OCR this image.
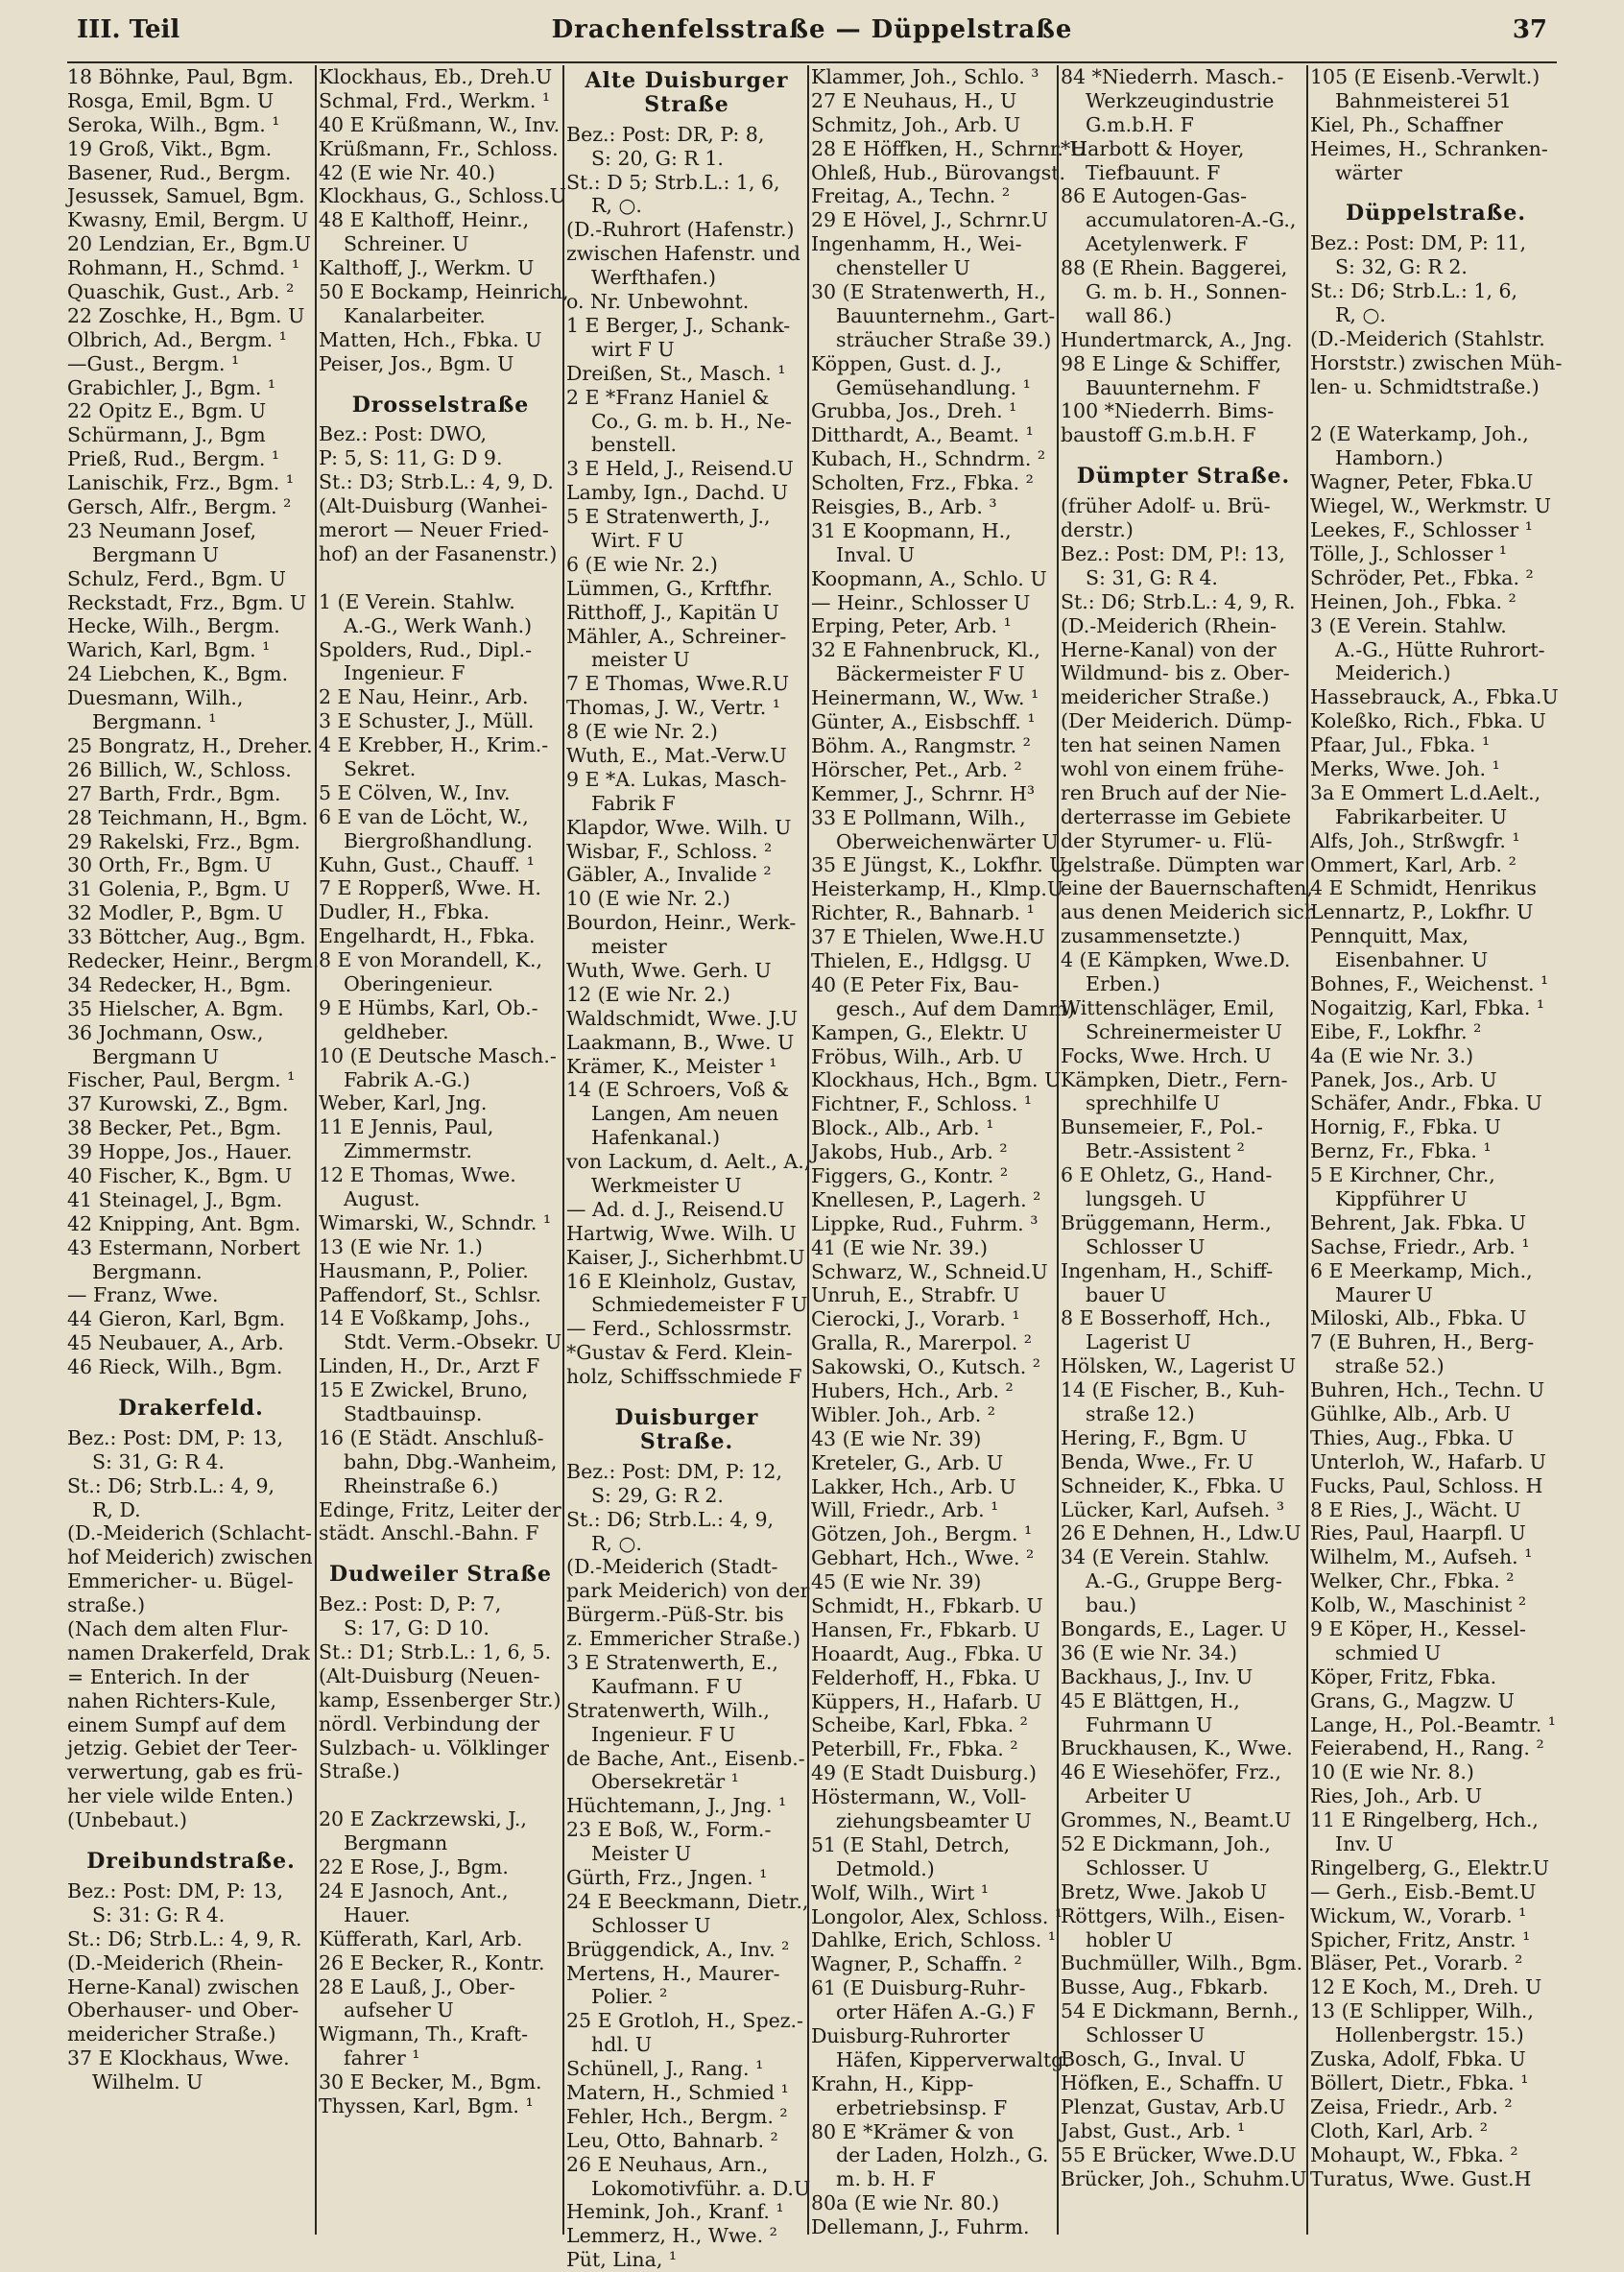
III. Teil	Drachenfelsstraße — Düppelstraße	37
18 Böhnke, Paul, Bgm.
Rosga, Emil, Bgm. U
Seroka, Wilh., Bgm. ¹
19 Groß, Vikt., Bgm.
Basener, Rud., Bergm.
Jesussek, Samuel, Bgm.
Kwasny, Emil, Bergm. U
20 Lendzian, Er., Bgm.U
Rohmann, H., Schmd. ¹
Quaschik, Gust., Arb. ²
22 Zoschke, H., Bgm. U
Olbrich, Ad., Bergm. ¹
—Gust., Bergm. ¹
Grabichler, J., Bgm. ¹
22 Opitz E., Bgm. U
Schürmann, J., Bgm
Prieß, Rud., Bergm. ¹
Lanischik, Frz., Bgm. ¹
Gersch, Alfr., Bergm. ²
23 Neumann Josef,
Bergmann U
Schulz, Ferd., Bgm. U
Reckstadt, Frz., Bgm. U
Hecke, Wilh., Bergm.
Warich, Karl, Bgm. ¹
24 Liebchen, K., Bgm.
Duesmann, Wilh.,
Bergmann. ¹
25 Bongratz, H., Dreher.
26 Billich, W., Schloss.
27 Barth, Frdr., Bgm.
28 Teichmann, H., Bgm.
29 Rakelski, Frz., Bgm.
30 Orth, Fr., Bgm. U
31 Golenia, P., Bgm. U
32 Modler, P., Bgm. U
33 Böttcher, Aug., Bgm.
Redecker, Heinr., Bergm.
34 Redecker, H., Bgm.
35 Hielscher, A. Bgm.
36 Jochmann, Osw.,
Bergmann U
Fischer, Paul, Bergm. ¹
37 Kurowski, Z., Bgm.
38 Becker, Pet., Bgm.
39 Hoppe, Jos., Hauer.
40 Fischer, K., Bgm. U
41 Steinagel, J., Bgm.
42 Knipping, Ant. Bgm.
43 Estermann, Norbert
Bergmann.
— Franz, Wwe.
44 Gieron, Karl, Bgm.
45 Neubauer, A., Arb.
46 Rieck, Wilh., Bgm.
Drakerfeld.
Bez.: Post: DM, P: 13,
S: 31, G: R 4.
St.: D6; Strb.L.: 4, 9,
R, D.
(D.-Meiderich (Schlacht-
hof Meiderich) zwischen
Emmericher- u. Bügel-
straße.)
(Nach dem alten Flur-
namen Drakerfeld, Drak
= Enterich. In der
nahen Richters-Kule,
einem Sumpf auf dem
jetzig. Gebiet der Teer-
verwertung, gab es frü-
her viele wilde Enten.)
(Unbebaut.)
Dreibundstraße.
Bez.: Post: DM, P: 13,
S: 31: G: R 4.
St.: D6; Strb.L.: 4, 9, R.
(D.-Meiderich (Rhein-
Herne-Kanal) zwischen
Oberhauser- und Ober-
meidericher Straße.)
37 E Klockhaus, Wwe.
Wilhelm. U
Klockhaus, Eb., Dreh.U
Schmal, Frd., Werkm. ¹
40 E Krüßmann, W., Inv.
Krüßmann, Fr., Schloss.
42 (E wie Nr. 40.)
Klockhaus, G., Schloss.U
48 E Kalthoff, Heinr.,
Schreiner. U
Kalthoff, J., Werkm. U
50 E Bockamp, Heinrich,
Kanalarbeiter.
Matten, Hch., Fbka. U
Peiser, Jos., Bgm. U
Drosselstraße
Bez.: Post: DWO,
P: 5, S: 11, G: D 9.
St.: D3; Strb.L.: 4, 9, D.
(Alt-Duisburg (Wanhei-
merort — Neuer Fried-
hof) an der Fasanenstr.)
1 (E Verein. Stahlw.
A.-G., Werk Wanh.)
Spolders, Rud., Dipl.-
Ingenieur. F
2 E Nau, Heinr., Arb.
3 E Schuster, J., Müll.
4 E Krebber, H., Krim.-
Sekret.
5 E Cölven, W., Inv.
6 E van de Löcht, W.,
Biergroßhandlung.
Kuhn, Gust., Chauff. ¹
7 E Ropperß, Wwe. H.
Dudler, H., Fbka.
Engelhardt, H., Fbka.
8 E von Morandell, K.,
Oberingenieur.
9 E Hümbs, Karl, Ob.-
geldheber.
10 (E Deutsche Masch.-
Fabrik A.-G.)
Weber, Karl, Jng.
11 E Jennis, Paul,
Zimmermstr.
12 E Thomas, Wwe.
August.
Wimarski, W., Schndr. ¹
13 (E wie Nr. 1.)
Hausmann, P., Polier.
Paffendorf, St., Schlsr.
14 E Voßkamp, Johs.,
Stdt. Verm.-Obsekr. U
Linden, H., Dr., Arzt F
15 E Zwickel, Bruno,
Stadtbauinsp.
16 (E Städt. Anschluß-
bahn, Dbg.-Wanheim,
Rheinstraße 6.)
Edinge, Fritz, Leiter der
städt. Anschl.-Bahn. F
Dudweiler Straße
Bez.: Post: D, P: 7,
S: 17, G: D 10.
St.: D1; Strb.L.: 1, 6, 5.
(Alt-Duisburg (Neuen-
kamp, Essenberger Str.)
nördl. Verbindung der
Sulzbach- u. Völklinger
Straße.)
20 E Zackrzewski, J.,
Bergmann
22 E Rose, J., Bgm.
24 E Jasnoch, Ant.,
Hauer.
Küfferath, Karl, Arb.
26 E Becker, R., Kontr.
28 E Lauß, J., Ober-
aufseher U
Wigmann, Th., Kraft-
fahrer ¹
30 E Becker, M., Bgm.
Thyssen, Karl, Bgm. ¹
Alte Duisburger Straße
Bez.: Post: DR, P: 8,
S: 20, G: R 1.
St.: D 5; Strb.L.: 1, 6,
R, ○.
(D.-Ruhrort (Hafenstr.)
zwischen Hafenstr. und
Werfthafen.)
o. Nr. Unbewohnt.
1 E Berger, J., Schank-
wirt F U
Dreißen, St., Masch. ¹
2 E *Franz Haniel &
Co., G. m. b. H., Ne-
benstell.
3 E Held, J., Reisend.U
Lamby, Ign., Dachd. U
5 E Stratenwerth, J.,
Wirt. F U
6 (E wie Nr. 2.)
Lümmen, G., Krftfhr.
Ritthoff, J., Kapitän U
Mähler, A., Schreiner-
meister U
7 E Thomas, Wwe.R.U
Thomas, J. W., Vertr. ¹
8 (E wie Nr. 2.)
Wuth, E., Mat.-Verw.U
9 E *A. Lukas, Masch-
Fabrik F
Klapdor, Wwe. Wilh. U
Wisbar, F., Schloss. ²
Gäbler, A., Invalide ²
10 (E wie Nr. 2.)
Bourdon, Heinr., Werk-
meister
Wuth, Wwe. Gerh. U
12 (E wie Nr. 2.)
Waldschmidt, Wwe. J.U
Laakmann, B., Wwe. U
Krämer, K., Meister ¹
14 (E Schroers, Voß &
Langen, Am neuen
Hafenkanal.)
von Lackum, d. Aelt., A.,
Werkmeister U
— Ad. d. J., Reisend.U
Hartwig, Wwe. Wilh. U
Kaiser, J., Sicherhbmt.U
16 E Kleinholz, Gustav,
Schmiedemeister F U
— Ferd., Schlossrmstr.
*Gustav & Ferd. Klein-
holz, Schiffsschmiede F
Duisburger Straße.
Bez.: Post: DM, P: 12,
S: 29, G: R 2.
St.: D6; Strb.L.: 4, 9,
R, ○.
(D.-Meiderich (Stadt-
park Meiderich) von der
Bürgerm.-Püß-Str. bis
z. Emmericher Straße.)
3 E Stratenwerth, E.,
Kaufmann. F U
Stratenwerth, Wilh.,
Ingenieur. F U
de Bache, Ant., Eisenb.-
Obersekretär ¹
Hüchtemann, J., Jng. ¹
23 E Boß, W., Form.-
Meister U
Gürth, Frz., Jngen. ¹
24 E Beeckmann, Dietr.,
Schlosser U
Brüggendick, A., Inv. ²
Mertens, H., Maurer-
Polier. ²
25 E Grotloh, H., Spez.-
hdl. U
Schünell, J., Rang. ¹
Matern, H., Schmied ¹
Fehler, Hch., Bergm. ²
Leu, Otto, Bahnarb. ²
26 E Neuhaus, Arn.,
Lokomotivführ. a. D.U
Hemink, Joh., Kranf. ¹
Lemmerz, H., Wwe. ²
Püt, Lina, ¹
Klammer, Joh., Schlo. ³
27 E Neuhaus, H., U
Schmitz, Joh., Arb. U
28 E Höffken, H., Schrnr. U
Ohleß, Hub., Bürovangst.
Freitag, A., Techn. ²
29 E Hövel, J., Schrnr.U
Ingenhamm, H., Wei-
chensteller U
30 (E Stratenwerth, H.,
Bauunternehm., Gart-
sträucher Straße 39.)
Köppen, Gust. d. J.,
Gemüsehandlung. ¹
Grubba, Jos., Dreh. ¹
Ditthardt, A., Beamt. ¹
Kubach, H., Schndrm. ²
Scholten, Frz., Fbka. ²
Reisgies, B., Arb. ³
31 E Koopmann, H.,
Inval. U
Koopmann, A., Schlo. U
— Heinr., Schlosser U
Erping, Peter, Arb. ¹
32 E Fahnenbruck, Kl.,
Bäckermeister F U
Heinermann, W., Ww. ¹
Günter, A., Eisbschff. ¹
Böhm. A., Rangmstr. ²
Hörscher, Pet., Arb. ²
Kemmer, J., Schrnr. H³
33 E Pollmann, Wilh.,
Oberweichenwärter U
35 E Jüngst, K., Lokfhr. U
Heisterkamp, H., Klmp.U
Richter, R., Bahnarb. ¹
37 E Thielen, Wwe.H.U
Thielen, E., Hdlgsg. U
40 (E Peter Fix, Bau-
gesch., Auf dem Damm)
Kampen, G., Elektr. U
Fröbus, Wilh., Arb. U
Klockhaus, Hch., Bgm. U
Fichtner, F., Schloss. ¹
Block., Alb., Arb. ¹
Jakobs, Hub., Arb. ²
Figgers, G., Kontr. ²
Knellesen, P., Lagerh. ²
Lippke, Rud., Fuhrm. ³
41 (E wie Nr. 39.)
Schwarz, W., Schneid.U
Unruh, E., Strabfr. U
Cierocki, J., Vorarb. ¹
Gralla, R., Marerpol. ²
Sakowski, O., Kutsch. ²
Hubers, Hch., Arb. ²
Wibler. Joh., Arb. ²
43 (E wie Nr. 39)
Kreteler, G., Arb. U
Lakker, Hch., Arb. U
Will, Friedr., Arb. ¹
Götzen, Joh., Bergm. ¹
Gebhart, Hch., Wwe. ²
45 (E wie Nr. 39)
Schmidt, H., Fbkarb. U
Hansen, Fr., Fbkarb. U
Hoaardt, Aug., Fbka. U
Felderhoff, H., Fbka. U
Küppers, H., Hafarb. U
Scheibe, Karl, Fbka. ²
Peterbill, Fr., Fbka. ²
49 (E Stadt Duisburg.)
Höstermann, W., Voll-
ziehungsbeamter U
51 (E Stahl, Detrch,
Detmold.)
Wolf, Wilh., Wirt ¹
Longolor, Alex, Schloss. ¹
Dahlke, Erich, Schloss. ¹
Wagner, P., Schaffn. ²
61 (E Duisburg-Ruhr-
orter Häfen A.-G.) F
Duisburg-Ruhrorter
Häfen, Kipperverwaltg.
Krahn, H., Kipp-
erbetriebsinsp. F
80 E *Krämer & von
der Laden, Holzh., G.
m. b. H. F
80a (E wie Nr. 80.)
Dellemann, J., Fuhrm.
84 *Niederrh. Masch.-
Werkzeugindustrie
G.m.b.H. F
*Harbott & Hoyer,
Tiefbauunt. F
86 E Autogen-Gas-
accumulatoren-A.-G.,
Acetylenwerk. F
88 (E Rhein. Baggerei,
G. m. b. H., Sonnen-
wall 86.)
Hundertmarck, A., Jng.
98 E Linge & Schiffer,
Bauunternehm. F
100 *Niederrh. Bims-
baustoff G.m.b.H. F
Dümpter Straße.
(früher Adolf- u. Brü-
derstr.)
Bez.: Post: DM, P!: 13,
S: 31, G: R 4.
St.: D6; Strb.L.: 4, 9, R.
(D.-Meiderich (Rhein-
Herne-Kanal) von der
Wildmund- bis z. Ober-
meidericher Straße.)
(Der Meiderich. Dümp-
ten hat seinen Namen
wohl von einem frühe-
ren Bruch auf der Nie-
derterrasse im Gebiete
der Styrumer- u. Flü-
gelstraße. Dümpten war
eine der Bauernschaften,
aus denen Meiderich sich
zusammensetzte.)
4 (E Kämpken, Wwe.D.
Erben.)
Wittenschläger, Emil,
Schreinermeister U
Focks, Wwe. Hrch. U
Kämpken, Dietr., Fern-
sprechhilfe U
Bunsemeier, F., Pol.-
Betr.-Assistent ²
6 E Ohletz, G., Hand-
lungsgeh. U
Brüggemann, Herm.,
Schlosser U
Ingenham, H., Schiff-
bauer U
8 E Bosserhoff, Hch.,
Lagerist U
Hölsken, W., Lagerist U
14 (E Fischer, B., Kuh-
straße 12.)
Hering, F., Bgm. U
Benda, Wwe., Fr. U
Schneider, K., Fbka. U
Lücker, Karl, Aufseh. ³
26 E Dehnen, H., Ldw.U
34 (E Verein. Stahlw.
A.-G., Gruppe Berg-
bau.)
Bongards, E., Lager. U
36 (E wie Nr. 34.)
Backhaus, J., Inv. U
45 E Blättgen, H.,
Fuhrmann U
Bruckhausen, K., Wwe.
46 E Wiesehöfer, Frz.,
Arbeiter U
Grommes, N., Beamt.U
52 E Dickmann, Joh.,
Schlosser. U
Bretz, Wwe. Jakob U
Röttgers, Wilh., Eisen-
hobler U
Buchmüller, Wilh., Bgm.
Busse, Aug., Fbkarb.
54 E Dickmann, Bernh.,
Schlosser U
Bosch, G., Inval. U
Höfken, E., Schaffn. U
Plenzat, Gustav, Arb.U
Jabst, Gust., Arb. ¹
55 E Brücker, Wwe.D.U
Brücker, Joh., Schuhm.U
105 (E Eisenb.-Verwlt.)
Bahnmeisterei 51
Kiel, Ph., Schaffner
Heimes, H., Schranken-
wärter
Düppelstraße.
Bez.: Post: DM, P: 11,
S: 32, G: R 2.
St.: D6; Strb.L.: 1, 6,
R, ○.
(D.-Meiderich (Stahlstr.
Horststr.) zwischen Müh-
len- u. Schmidtstraße.)
2 (E Waterkamp, Joh.,
Hamborn.)
Wagner, Peter, Fbka.U
Wiegel, W., Werkmstr. U
Leekes, F., Schlosser ¹
Tölle, J., Schlosser ¹
Schröder, Pet., Fbka. ²
Heinen, Joh., Fbka. ²
3 (E Verein. Stahlw.
A.-G., Hütte Ruhrort-
Meiderich.)
Hassebrauck, A., Fbka.U
Koleßko, Rich., Fbka. U
Pfaar, Jul., Fbka. ¹
Merks, Wwe. Joh. ¹
3a E Ommert L.d.Aelt.,
Fabrikarbeiter. U
Alfs, Joh., Strßwgfr. ¹
Ommert, Karl, Arb. ²
4 E Schmidt, Henrikus
Lennartz, P., Lokfhr. U
Pennquitt, Max,
Eisenbahner. U
Bohnes, F., Weichenst. ¹
Nogaitzig, Karl, Fbka. ¹
Eibe, F., Lokfhr. ²
4a (E wie Nr. 3.)
Panek, Jos., Arb. U
Schäfer, Andr., Fbka. U
Hornig, F., Fbka. U
Bernz, Fr., Fbka. ¹
5 E Kirchner, Chr.,
Kippführer U
Behrent, Jak. Fbka. U
Sachse, Friedr., Arb. ¹
6 E Meerkamp, Mich.,
Maurer U
Miloski, Alb., Fbka. U
7 (E Buhren, H., Berg-
straße 52.)
Buhren, Hch., Techn. U
Gühlke, Alb., Arb. U
Thies, Aug., Fbka. U
Unterloh, W., Hafarb. U
Fucks, Paul, Schloss. H
8 E Ries, J., Wächt. U
Ries, Paul, Haarpfl. U
Wilhelm, M., Aufseh. ¹
Welker, Chr., Fbka. ²
Kolb, W., Maschinist ²
9 E Köper, H., Kessel-
schmied U
Köper, Fritz, Fbka.
Grans, G., Magzw. U
Lange, H., Pol.-Beamtr. ¹
Feierabend, H., Rang. ²
10 (E wie Nr. 8.)
Ries, Joh., Arb. U
11 E Ringelberg, Hch.,
Inv. U
Ringelberg, G., Elektr.U
— Gerh., Eisb.-Bemt.U
Wickum, W., Vorarb. ¹
Spicher, Fritz, Anstr. ¹
Bläser, Pet., Vorarb. ²
12 E Koch, M., Dreh. U
13 (E Schlipper, Wilh.,
Hollenbergstr. 15.)
Zuska, Adolf, Fbka. U
Böllert, Dietr., Fbka. ¹
Zeisa, Friedr., Arb. ²
Cloth, Karl, Arb. ²
Mohaupt, W., Fbka. ²
Turatus, Wwe. Gust.H
